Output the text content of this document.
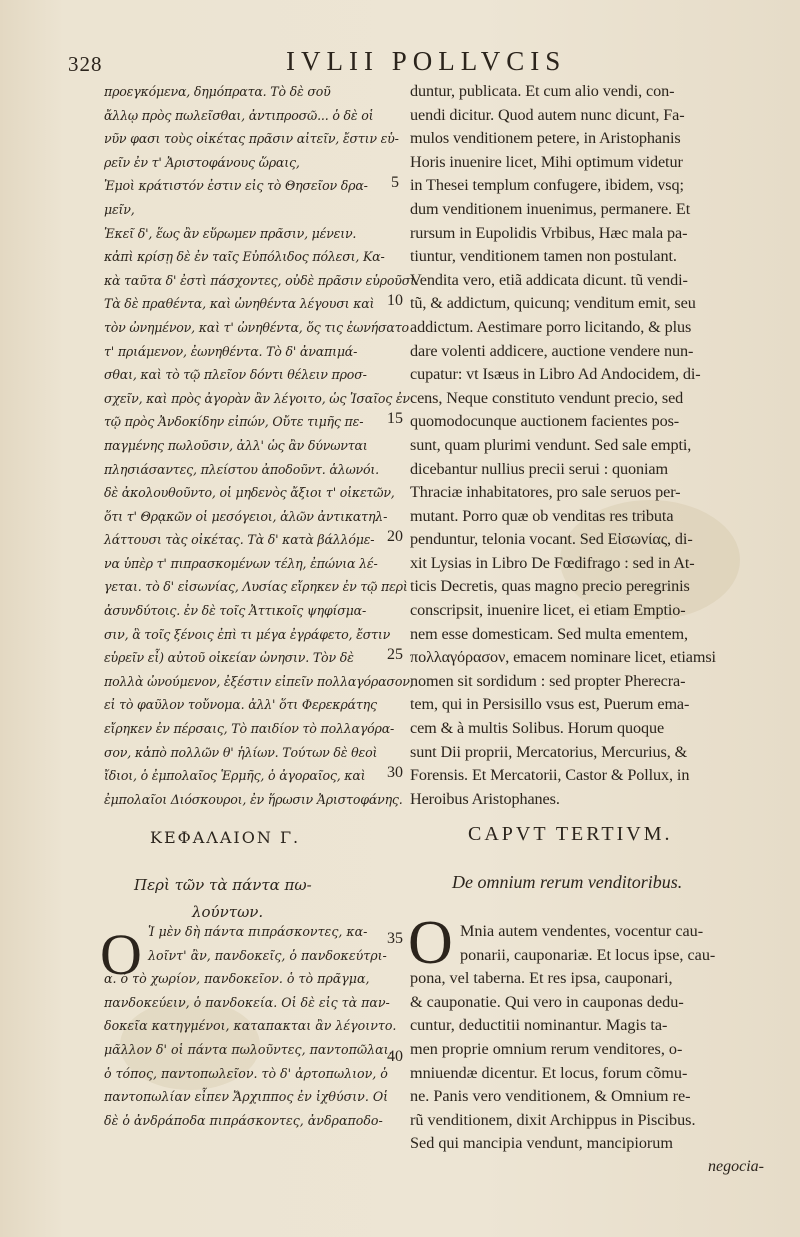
328	IVLII POLLVCIS
προεγκόμενα, δημόπρατα. Τὸ δὲ σοῦ
ἄλλῳ πρὸς πωλεῖσθαι, ἀντιπροσῶ... ὁ δὲ οἱ
νῦν φασι τοὺς οἰκέτας πρᾶσιν αἰτεῖν, ἔστιν εὑ-
ρεῖν ἐν τ' Ἀριστοφάνους ὥραις,
Ἐμοὶ κράτιστόν ἐστιν εἰς τὸ Θησεῖον δρα-
μεῖν,
Ἐκεῖ δ', ἕως ἂν εὕρωμεν πρᾶσιν, μένειν.
κἀπὶ κρίσῃ δὲ ἐν ταῖς Εὐπόλιδος πόλεσι, Κα-
κὰ ταῦτα δ' ἐστὶ πάσχοντες, οὐδὲ πρᾶσιν εὑροῦσι.
Τὰ δὲ πραθέντα, καὶ ὠνηθέντα λέγουσι καὶ
τὸν ὠνημένον, καὶ τ' ὠνηθέντα, ὅς τις ἐωνήσατο
τ' πριάμενον, ἐωνηθέντα. Τὸ δ' ἀναπιμά-
σθαι, καὶ τὸ τῷ πλεῖον δόντι θέλειν προσ-
σχεῖν, καὶ πρὸς ἀγορὰν ἂν λέγοιτο, ὡς Ἰσαῖος ἐν
τῷ πρὸς Ἀνδοκίδην εἰπών, Οὔτε τιμῆς πε-
παγμένης πωλοῦσιν, ἀλλ' ὡς ἂν δύνωνται
πλησιάσαντες, πλείστου ἀποδοῦντ. ἁλωνόι.
δὲ ἀκολουθοῦντο, οἱ μηδενὸς ἄξιοι τ' οἰκετῶν,
ὅτι τ' Θρᾳκῶν οἱ μεσόγειοι, ἁλῶν ἀντικατηλ-
λάττουσι τὰς οἰκέτας. Τὰ δ' κατὰ βάλλόμε-
να ὑπὲρ τ' πιπρασκομένων τέλη, ἐπώνια λέ-
γεται. τὸ δ' εἰσωνίας, Λυσίας εἴρηκεν ἐν τῷ περὶ
ἀσυνδύτοις. ἐν δὲ τοῖς Ἀττικοῖς ψηφίσμα-
σιν, ἃ τοῖς ξένοις ἐπὶ τι μέγα ἐγράφετο, ἔστιν
εὑρεῖν εἶ) αὐτοῦ οἰκείαν ὠνησιν. Τὸν δὲ
πολλὰ ὠνούμενον, ἐξέστιν εἰπεῖν πολλαγόρασον,
εἰ τὸ φαῦλον τοὔνομα. ἀλλ' ὅτι Φερεκράτης
εἴρηκεν ἐν πέρσαις, Τὸ παιδίον τὸ πολλαγόρα-
σον, κἀπὸ πολλῶν θ' ἡλίων. Τούτων δὲ θεοὶ
ἴδιοι, ὁ ἐμπολαῖος Ἑρμῆς, ὁ ἀγοραῖος, καὶ
ἐμπολαῖοι Διόσκουροι, ἐν ἥρωσιν Ἀριστοφάνης.
5
10
15
20
25
30
35
40
duntur, publicata. Et cum alio vendi, con-
uendi dicitur. Quod autem nunc dicunt, Fa-
mulos venditionem petere, in Aristophanis
Horis inuenire licet, Mihi optimum videtur
in Thesei templum confugere, ibidem, vsq;
dum venditionem inuenimus, permanere. Et
rursum in Eupolidis Vrbibus, Hæc mala pa-
tiuntur, venditionem tamen non postulant.
Vendita vero, etiã addicata dicunt. tũ vendi-
tũ, & addictum, quicunq; venditum emit, seu
addictum. Aestimare porro licitando, & plus
dare volenti addicere, auctione vendere nun-
cupatur: vt Isæus in Libro Ad Andocidem, di-
cens, Neque constituto vendunt precio, sed
quomodocunque auctionem facientes pos-
sunt, quam plurimi vendunt. Sed sale empti,
dicebantur nullius precii serui : quoniam
Thraciæ inhabitatores, pro sale seruos per-
mutant. Porro quæ ob venditas res tributa
penduntur, telonia vocant. Sed Εἰσωνίας, di-
xit Lysias in Libro De Fœdifrago : sed in At-
ticis Decretis, quas magno precio peregrinis
conscripsit, inuenire licet, ei etiam Emptio-
nem esse domesticam. Sed multa ementem,
πολλαγόρασον, emacem nominare licet, etiamsi
nomen sit sordidum : sed propter Pherecra-
tem, qui in Persisillo vsus est, Puerum ema-
cem & à multis Solibus. Horum quoque
sunt Dii proprii, Mercatorius, Mercurius, &
Forensis. Et Mercatorii, Castor & Pollux, in
Heroibus Aristophanes.
ΚΕΦΑΛΑΙΟΝ Γ.	CAPVT TERTIVM.
Περὶ τῶν τὰ πάντα πω-
λούντων.
De omnium rerum venditoribus.
Ο	O
Ἱ μὲν δὴ πάντα πιπράσκοντες, κα-
λοῖντ' ἂν, πανδοκεῖς, ὁ πανδοκεύτρι-
α. ὁ τὸ χωρίον, πανδοκεῖον. ὁ τὸ πρᾶγμα,
πανδοκεύειν, ὁ πανδοκεία. Οἱ δὲ εἰς τὰ παν-
δοκεῖα κατηγμένοι, καταπακται ἂν λέγοιντο.
μᾶλλον δ' οἱ πάντα πωλοῦντες, παντοπῶλαι.
ὁ τόπος, παντοπωλεῖον. τὸ δ' ἀρτοπωλιον, ὁ
παντοπωλίαν εἶπεν Ἄρχιππος ἐν ἰχθύσιν. Οἱ
δὲ ὁ ἀνδράποδα πιπράσκοντες, ἀνδραποδο-
Mnia autem vendentes, vocentur cau-
ponarii, cauponariæ. Et locus ipse, cau-
pona, vel taberna. Et res ipsa, cauponari,
& cauponatie. Qui vero in cauponas dedu-
cuntur, deductitii nominantur. Magis ta-
men proprie omnium rerum venditores, o-
mniuendæ dicentur. Et locus, forum cõmu-
ne. Panis vero venditionem, & Omnium re-
rũ venditionem, dixit Archippus in Piscibus.
Sed qui mancipia vendunt, mancipiorum
negocia-
